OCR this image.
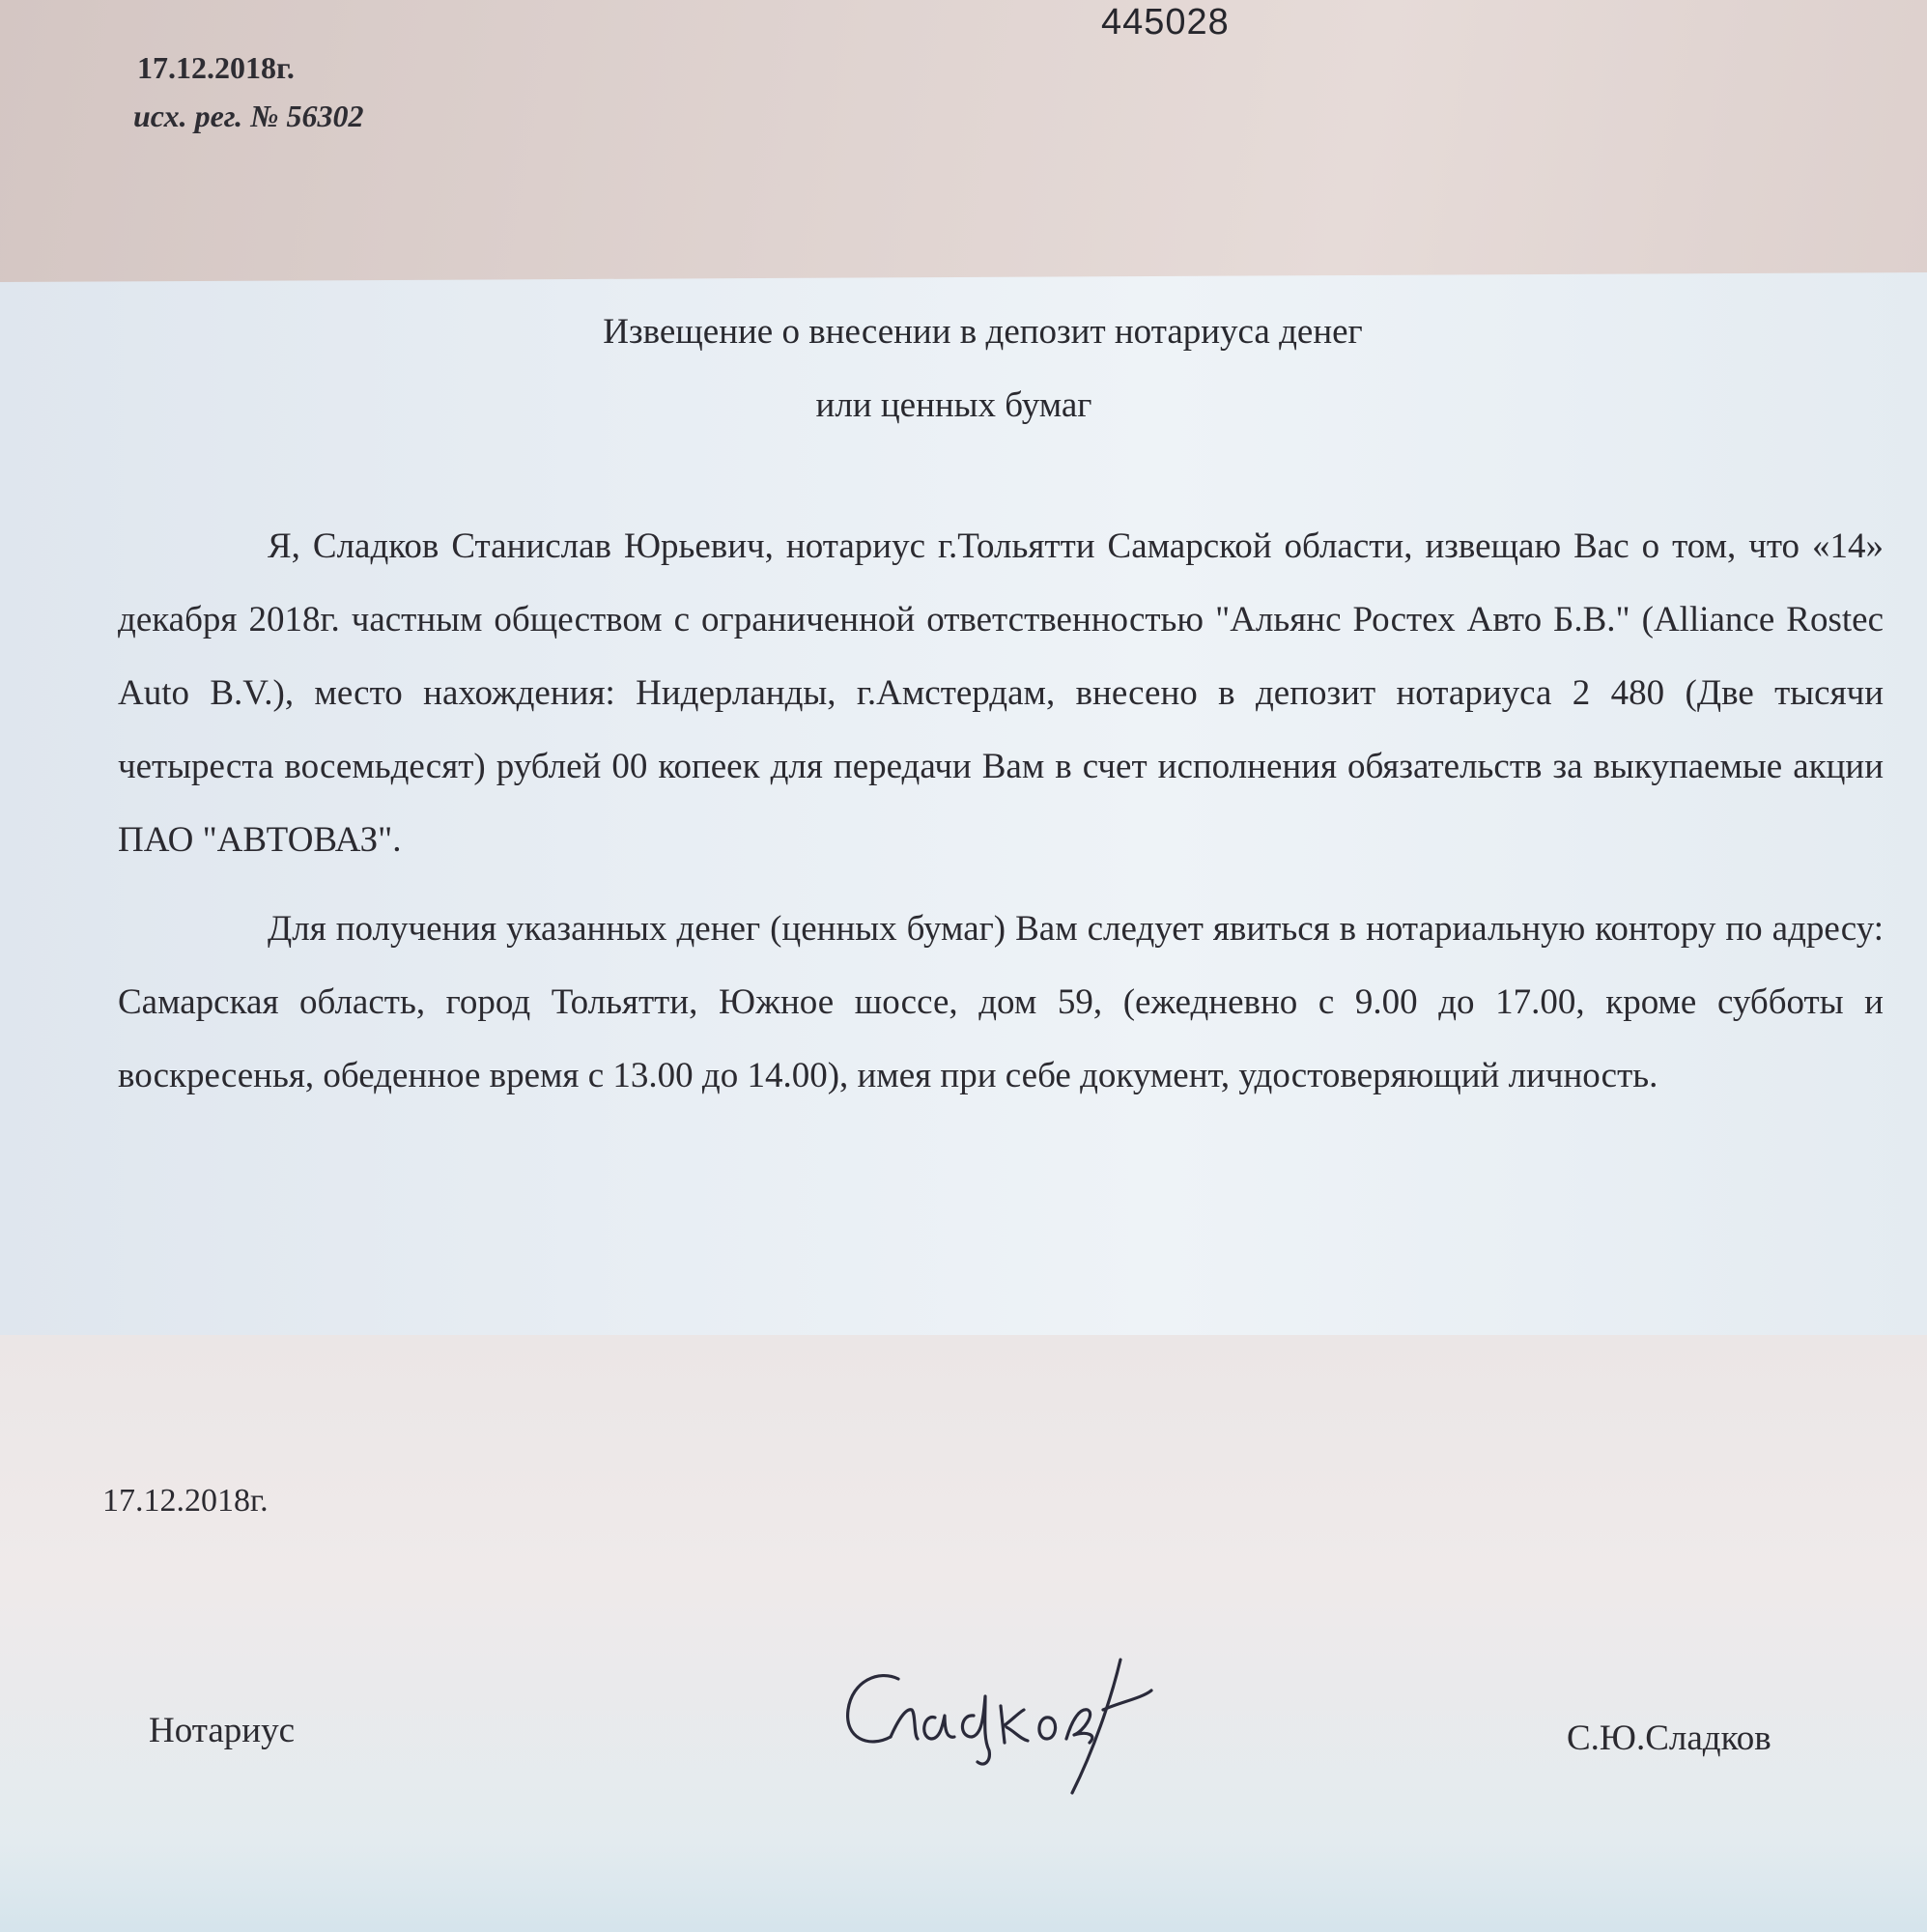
445028
17.12.2018г.
исх. рег. № 56302
Извещение о внесении в депозит нотариуса денег
или ценных бумаг
Я, Сладков Станислав Юрьевич, нотариус г.Тольятти Самарской области, извещаю Вас о том, что «14» декабря 2018г. частным обществом с ограниченной ответственностью "Альянс Ростех Авто Б.В." (Alliance Rostec Auto B.V.), место нахождения: Нидерланды, г.Амстердам, внесено в депозит нотариуса 2 480 (Две тысячи четыреста восемьдесят) рублей 00 копеек для передачи Вам в счет исполнения обязательств за выкупаемые акции ПАО "АВТОВАЗ".
Для получения указанных денег (ценных бумаг) Вам следует явиться в нотариальную контору по адресу: Самарская область, город Тольятти, Южное шоссе, дом 59, (ежедневно с 9.00 до 17.00, кроме субботы и воскресенья, обеденное время с 13.00 до 14.00), имея при себе документ, удостоверяющий личность.
17.12.2018г.
Нотариус	С.Ю.Сладков
